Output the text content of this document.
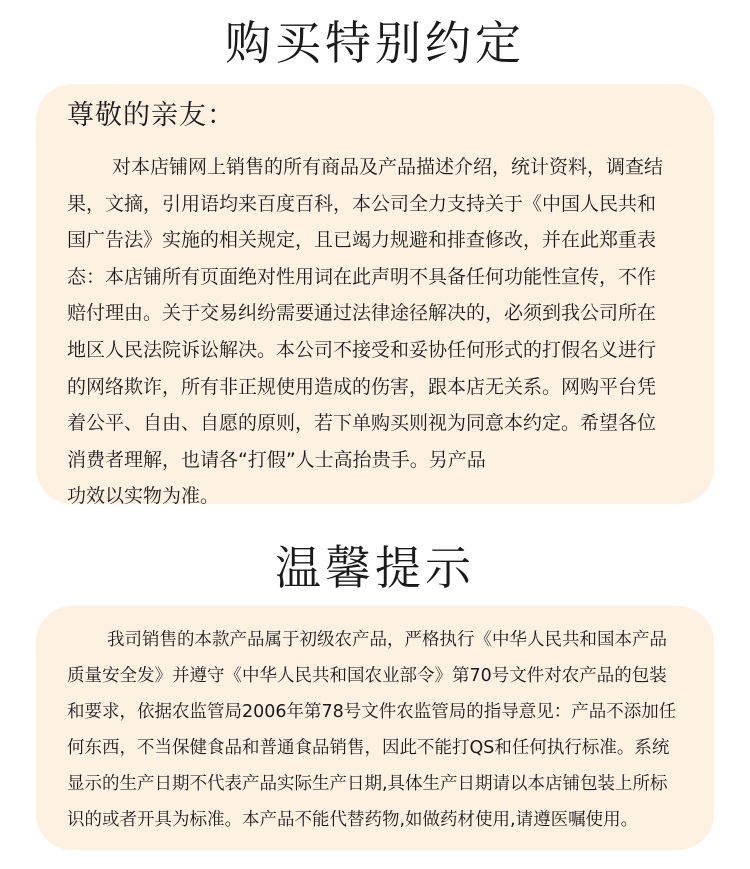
购买特别约定
尊敬的亲友：

对本店铺网上销售的所有商品及产品描述介绍，统计资料，调查结
果，文摘，引用语均来百度百科，本公司全力支持关于《中国人民共和
国广告法》实施的相关规定，且已竭力规避和排查修改，并在此郑重表
态：本店铺所有页面绝对性用词在此声明不具备任何功能性宣传，不作
赔付理由。关于交易纠纷需要通过法律途径解决的，必须到我公司所在
地区人民法院诉讼解决。本公司不接受和妥协任何形式的打假名义进行
的网络欺诈，所有非正规使用造成的伤害，跟本店无关系。网购平台凭
着公平、自由、自愿的原则，若下单购买则视为同意本约定。希望各位
消费者理解，也请各“打假”人士高抬贵手。另产品
功效以实物为准。

温馨提示

我司销售的本款产品属于初级农产品，严格执行《中华人民共和国本产品
质量安全发》并遵守《中华人民共和国农业部令》第70号文件对农产品的包装
和要求，依据农监管局2006年第78号文件农监管局的指导意见：产品不添加任
何东西，不当保健食品和普通食品销售，因此不能打QS和任何执行标准。系统
显示的生产日期不代表产品实际生产日期,具体生产日期请以本店铺包装上所标
识的或者开具为标准。本产品不能代替药物,如做药材使用,请遵医嘱使用。
